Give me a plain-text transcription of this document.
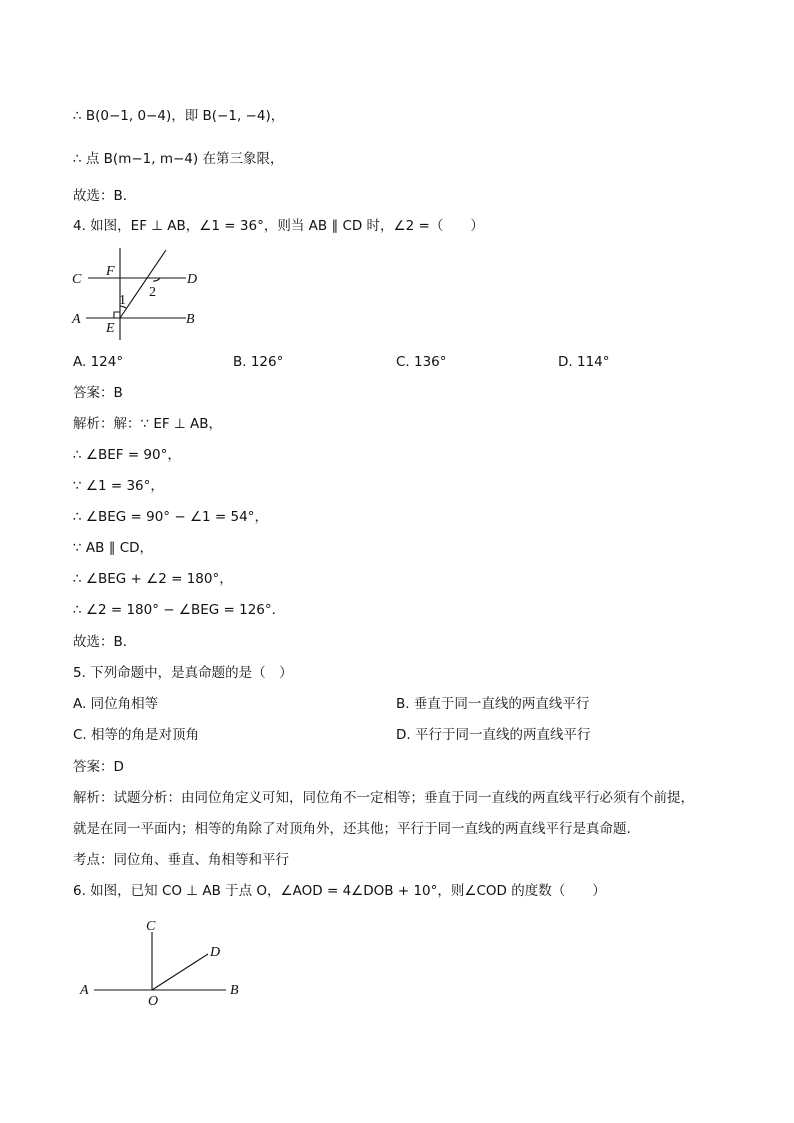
∴ B(0−1, 0−4)，即 B(−1, −4)，
∴ 点 B(m−1, m−4) 在第三象限，
故选：B．
4. 如图，EF ⊥ AB，∠1 = 36°，则当 AB ∥ CD 时，∠2 =（　　）
C
F
D
1
2
A
E
B
A. 124°	B. 126°	C. 136°	D. 114°
答案：B
解析：解：∵ EF ⊥ AB，
∴ ∠BEF = 90°，
∵ ∠1 = 36°，
∴ ∠BEG = 90° − ∠1 = 54°，
∵ AB ∥ CD，
∴ ∠BEG + ∠2 = 180°，
∴ ∠2 = 180° − ∠BEG = 126°．
故选：B．
5. 下列命题中，是真命题的是（　）
A. 同位角相等	B. 垂直于同一直线的两直线平行
C. 相等的角是对顶角	D. 平行于同一直线的两直线平行
答案：D
解析：试题分析：由同位角定义可知，同位角不一定相等；垂直于同一直线的两直线平行必须有个前提，
就是在同一平面内；相等的角除了对顶角外，还其他；平行于同一直线的两直线平行是真命题.
考点：同位角、垂直、角相等和平行
6. 如图，已知 CO ⊥ AB 于点 O，∠AOD = 4∠DOB + 10°，则∠COD 的度数（　　）
C
D
A
O
B
